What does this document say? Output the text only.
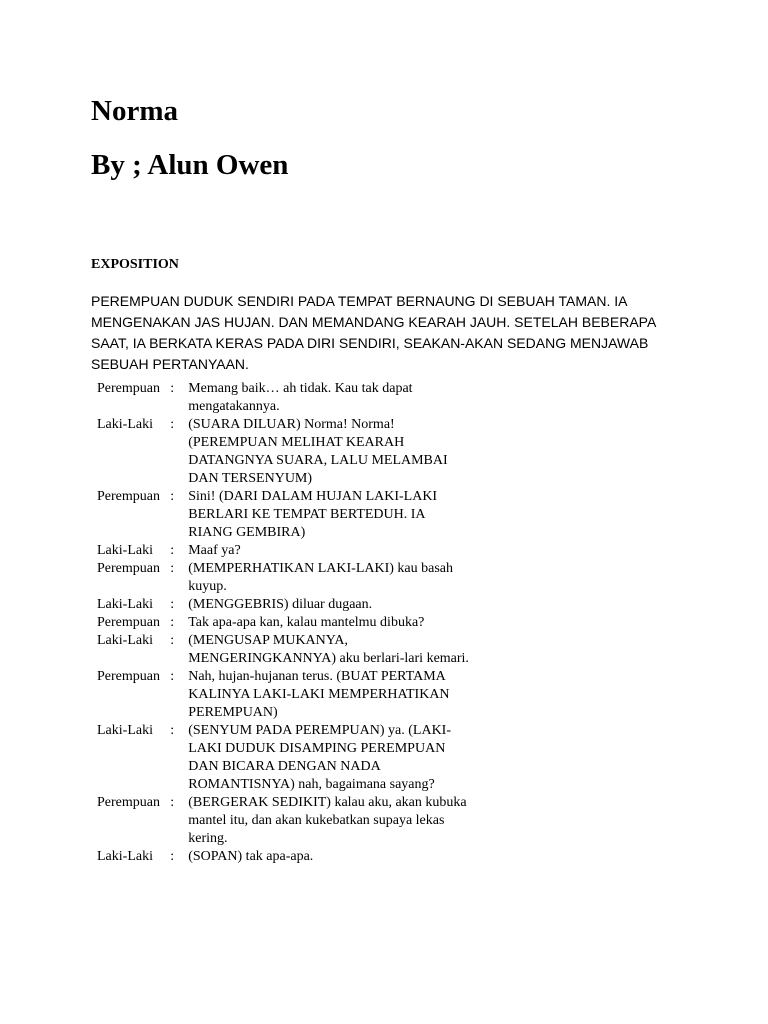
Norma
By ; Alun Owen
EXPOSITION

PEREMPUAN DUDUK SENDIRI PADA TEMPAT BERNAUNG DI SEBUAH TAMAN. IA MENGENAKAN JAS HUJAN. DAN MEMANDANG KEARAH JAUH. SETELAH BEBERAPA SAAT, IA BERKATA KERAS PADA DIRI SENDIRI, SEAKAN-AKAN SEDANG MENJAWAB SEBUAH PERTANYAAN.

Perempuan	:	Memang baik… ah tidak. Kau tak dapat mengatakannya.
Laki-Laki	:	(SUARA DILUAR) Norma! Norma! (PEREMPUAN MELIHAT KEARAH DATANGNYA SUARA, LALU MELAMBAI DAN TERSENYUM)
Perempuan	:	Sini! (DARI DALAM HUJAN LAKI-LAKI BERLARI KE TEMPAT BERTEDUH. IA RIANG GEMBIRA)
Laki-Laki	:	Maaf ya?
Perempuan	:	(MEMPERHATIKAN LAKI-LAKI) kau basah kuyup.
Laki-Laki	:	(MENGGEBRIS) diluar dugaan.
Perempuan	:	Tak apa-apa kan, kalau mantelmu dibuka?
Laki-Laki	:	(MENGUSAP MUKANYA, MENGERINGKANNYA) aku berlari-lari kemari.
Perempuan	:	Nah, hujan-hujanan terus. (BUAT PERTAMA KALINYA LAKI-LAKI MEMPERHATIKAN PEREMPUAN)
Laki-Laki	:	(SENYUM PADA PEREMPUAN) ya. (LAKI-LAKI DUDUK DISAMPING PEREMPUAN DAN BICARA DENGAN NADA ROMANTISNYA) nah, bagaimana sayang?
Perempuan	:	(BERGERAK SEDIKIT) kalau aku, akan kubuka mantel itu, dan akan kukebatkan supaya lekas kering.
Laki-Laki	:	(SOPAN) tak apa-apa.
